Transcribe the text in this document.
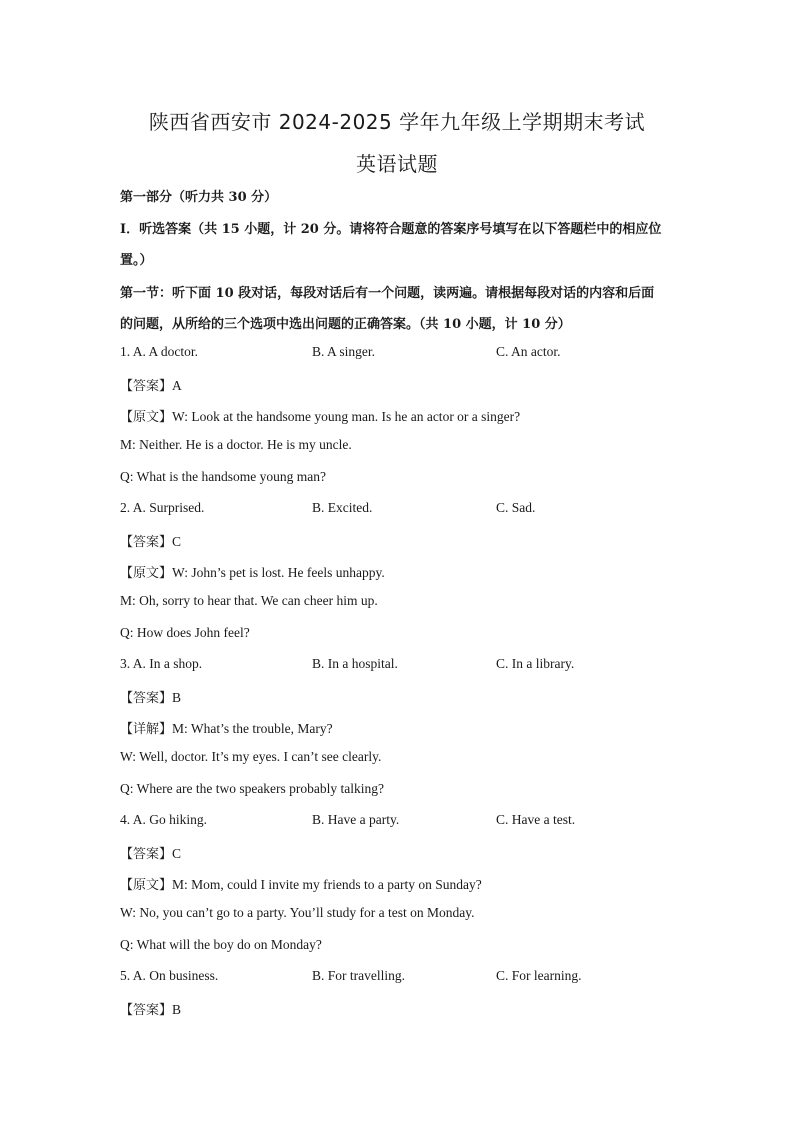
陕西省西安市 2024-2025 学年九年级上学期期末考试
英语试题
第一部分（听力共 30 分）
I．听选答案（共 15 小题，计 20 分。请将符合题意的答案序号填写在以下答题栏中的相应位
置。）
第一节：听下面 10 段对话，每段对话后有一个问题，读两遍。请根据每段对话的内容和后面
的问题，从所给的三个选项中选出问题的正确答案。（共 10 小题，计 10 分）
1. A. A doctor.	B. A singer.	C. An actor.
【答案】A
【原文】W: Look at the handsome young man. Is he an actor or a singer?
M: Neither. He is a doctor. He is my uncle.
Q: What is the handsome young man?
2. A. Surprised.	B. Excited.	C. Sad.
【答案】C
【原文】W: John’s pet is lost. He feels unhappy.
M: Oh, sorry to hear that. We can cheer him up.
Q: How does John feel?
3. A. In a shop.	B. In a hospital.	C. In a library.
【答案】B
【详解】M: What’s the trouble, Mary?
W: Well, doctor. It’s my eyes. I can’t see clearly.
Q: Where are the two speakers probably talking?
4. A. Go hiking.	B. Have a party.	C. Have a test.
【答案】C
【原文】M: Mom, could I invite my friends to a party on Sunday?
W: No, you can’t go to a party. You’ll study for a test on Monday.
Q: What will the boy do on Monday?
5. A. On business.	B. For travelling.	C. For learning.
【答案】B
